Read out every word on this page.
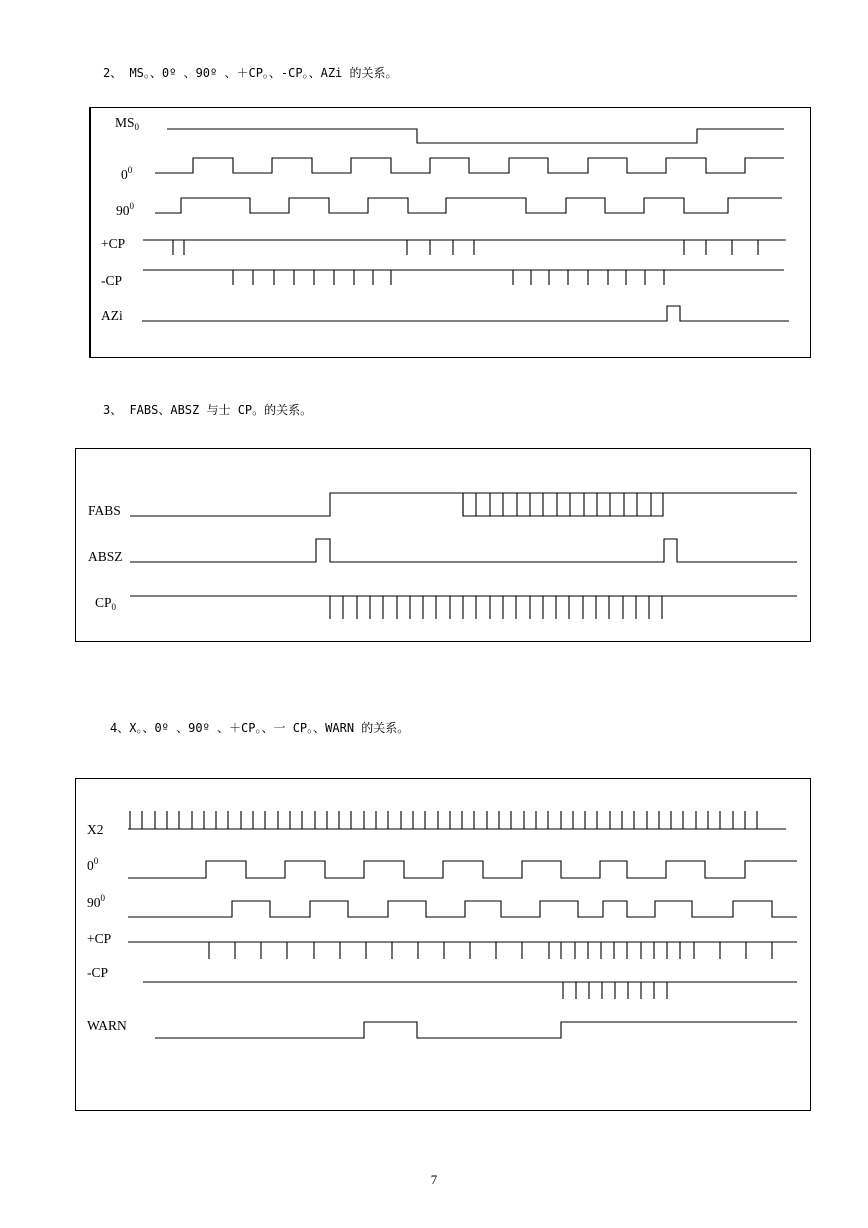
2、 MS。、0º 、90º 、＋CP。、-CP。、AZi 的关系。
3、 FABS、ABSZ 与士 CP。的关系。
4、X。、0º 、90º 、＋CP。、一 CP。、WARN 的关系。
$MS_0$
$0^0$
$90^0$
+CP
-CP
AZi
FABS
ABSZ
$CP_0$
X2
$0^0$
$90^0$
+CP
-CP
WARN
7
